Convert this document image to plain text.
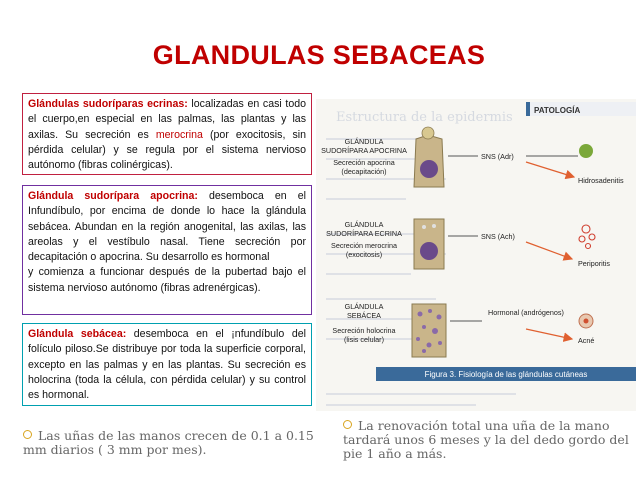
GLANDULAS SEBACEAS
Glándulas sudoríparas ecrinas: localizadas en casi todo el cuerpo,en especial en las palmas, las plantas y las axilas. Su secreción es merocrina (por exocitosis, sin pérdida celular) y se regula por el sistema nervioso autónomo (fibras colinérgicas).
Glándula sudorípara apocrina: desemboca en el Infundíbulo, por encima de donde lo hace la glándula sebácea. Abundan en la región anogenital, las axilas, las areolas y el vestíbulo nasal. Tiene secreción por decapitación o apocrina. Su desarrollo es hormonal
y comienza a funcionar después de la pubertad bajo el sistema nervioso autónomo (fibras adrenérgicas).
Glándula sebácea: desemboca en el ¡nfundíbulo del folículo piloso.Se distribuye por toda la superficie corporal, excepto en las palmas y en las plantas. Su secreción es holocrina (toda la célula, con pérdida celular) y su control es hormonal.
Las uñas de las manos crecen de 0.1 a 0.15 mm diarios ( 3 mm por mes).
La renovación total una uña de la mano tardará unos 6 meses y la del dedo gordo del pie 1 año a más.
Estructura de la epidermis	PATOLOGÍA
GLÁNDULA
SUDORÍPARA APOCRINA
Secreción apocrina
(decapitación)
SNS (Adr)
Hidrosadenitis
GLÁNDULA
SUDORÍPARA ECRINA
Secreción merocrina
(exocitosis)
SNS (Ach)
Periporitis
GLÁNDULA
SEBÁCEA
Secreción holocrina
(lisis celular)
Hormonal (andrógenos)
Acné
Figura 3. Fisiología de las glándulas cutáneas
